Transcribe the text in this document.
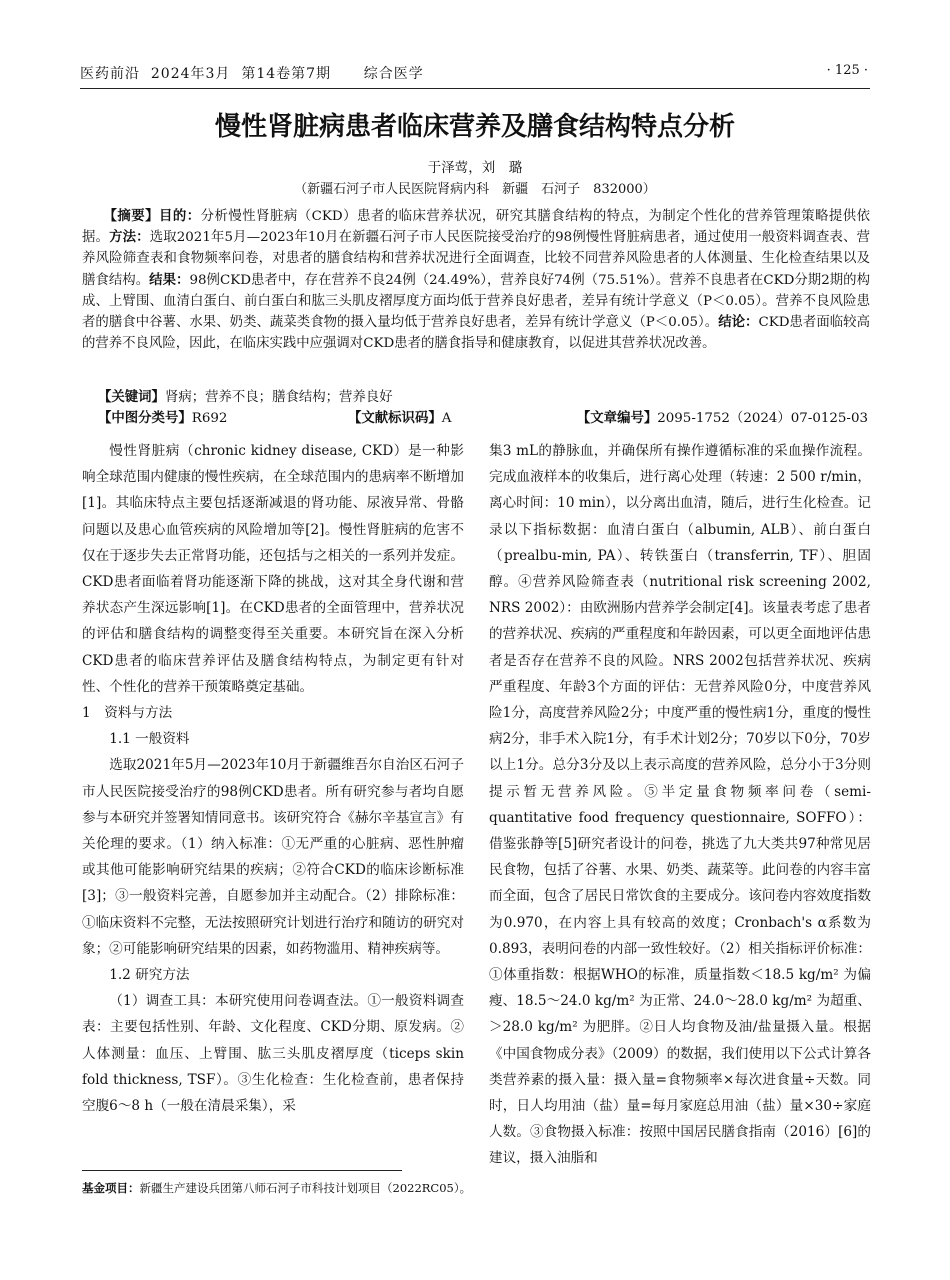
医药前沿  2024年3月  第14卷第7期      综合医学	· 125 ·
慢性肾脏病患者临床营养及膳食结构特点分析
于泽莺，刘　璐
（新疆石河子市人民医院肾病内科　新疆　石河子　832000）
【摘要】目的：分析慢性肾脏病（CKD）患者的临床营养状况，研究其膳食结构的特点，为制定个性化的营养管理策略提供依据。方法：选取2021年5月—2023年10月在新疆石河子市人民医院接受治疗的98例慢性肾脏病患者，通过使用一般资料调查表、营养风险筛查表和食物频率问卷，对患者的膳食结构和营养状况进行全面调查，比较不同营养风险患者的人体测量、生化检查结果以及膳食结构。结果：98例CKD患者中，存在营养不良24例（24.49%），营养良好74例（75.51%）。营养不良患者在CKD分期2期的构成、上臂围、血清白蛋白、前白蛋白和肱三头肌皮褶厚度方面均低于营养良好患者，差异有统计学意义（P＜0.05）。营养不良风险患者的膳食中谷薯、水果、奶类、蔬菜类食物的摄入量均低于营养良好患者，差异有统计学意义（P＜0.05）。结论：CKD患者面临较高的营养不良风险，因此，在临床实践中应强调对CKD患者的膳食指导和健康教育，以促进其营养状况改善。
【关键词】肾病；营养不良；膳食结构；营养良好
【中图分类号】R692	【文献标识码】A	【文章编号】2095-1752（2024）07-0125-03

慢性肾脏病（chronic kidney disease, CKD）是一种影响全球范围内健康的慢性疾病，在全球范围内的患病率不断增加[1]。其临床特点主要包括逐渐减退的肾功能、尿液异常、骨骼问题以及患心血管疾病的风险增加等[2]。慢性肾脏病的危害不仅在于逐步失去正常肾功能，还包括与之相关的一系列并发症。CKD患者面临着肾功能逐渐下降的挑战，这对其全身代谢和营养状态产生深远影响[1]。在CKD患者的全面管理中，营养状况的评估和膳食结构的调整变得至关重要。本研究旨在深入分析CKD患者的临床营养评估及膳食结构特点，为制定更有针对性、个性化的营养干预策略奠定基础。

1　资料与方法

1.1 一般资料

选取2021年5月—2023年10月于新疆维吾尔自治区石河子市人民医院接受治疗的98例CKD患者。所有研究参与者均自愿参与本研究并签署知情同意书。该研究符合《赫尔辛基宣言》有关伦理的要求。（1）纳入标准：①无严重的心脏病、恶性肿瘤或其他可能影响研究结果的疾病；②符合CKD的临床诊断标准[3]；③一般资料完善，自愿参加并主动配合。（2）排除标准：①临床资料不完整，无法按照研究计划进行治疗和随访的研究对象；②可能影响研究结果的因素，如药物滥用、精神疾病等。

1.2 研究方法

（1）调查工具：本研究使用问卷调查法。①一般资料调查表：主要包括性别、年龄、文化程度、CKD分期、原发病。②人体测量：血压、上臂围、肱三头肌皮褶厚度（ticeps skin fold thickness, TSF）。③生化检查：生化检查前，患者保持空腹6～8 h（一般在清晨采集），采

集3 mL的静脉血，并确保所有操作遵循标准的采血操作流程。完成血液样本的收集后，进行离心处理（转速：2 500 r/min，离心时间：10 min），以分离出血清，随后，进行生化检查。记录以下指标数据：血清白蛋白（albumin, ALB）、前白蛋白（prealbu-min, PA）、转铁蛋白（transferrin, TF）、胆固醇。④营养风险筛查表（nutritional risk screening 2002, NRS 2002）：由欧洲肠内营养学会制定[4]。该量表考虑了患者的营养状况、疾病的严重程度和年龄因素，可以更全面地评估患者是否存在营养不良的风险。NRS 2002包括营养状况、疾病严重程度、年龄3个方面的评估：无营养风险0分，中度营养风险1分，高度营养风险2分；中度严重的慢性病1分，重度的慢性病2分，非手术入院1分，有手术计划2分；70岁以下0分，70岁以上1分。总分3分及以上表示高度的营养风险，总分小于3分则提示暂无营养风险。⑤半定量食物频率问卷（semi-quantitative food frequency questionnaire, SOFFO）：借鉴张静等[5]研究者设计的问卷，挑选了九大类共97种常见居民食物，包括了谷薯、水果、奶类、蔬菜等。此问卷的内容丰富而全面，包含了居民日常饮食的主要成分。该问卷内容效度指数为0.970，在内容上具有较高的效度；Cronbach's α系数为0.893，表明问卷的内部一致性较好。（2）相关指标评价标准：①体重指数：根据WHO的标准，质量指数＜18.5 kg/m² 为偏瘦、18.5～24.0 kg/m² 为正常、24.0～28.0 kg/m² 为超重、＞28.0 kg/m² 为肥胖。②日人均食物及油/盐量摄入量。根据《中国食物成分表》（2009）的数据，我们使用以下公式计算各类营养素的摄入量：摄入量=食物频率×每次进食量÷天数。同时，日人均用油（盐）量=每月家庭总用油（盐）量×30÷家庭人数。③食物摄入标准：按照中国居民膳食指南（2016）[6]的建议，摄入油脂和

基金项目：新疆生产建设兵团第八师石河子市科技计划项目（2022RC05）。
